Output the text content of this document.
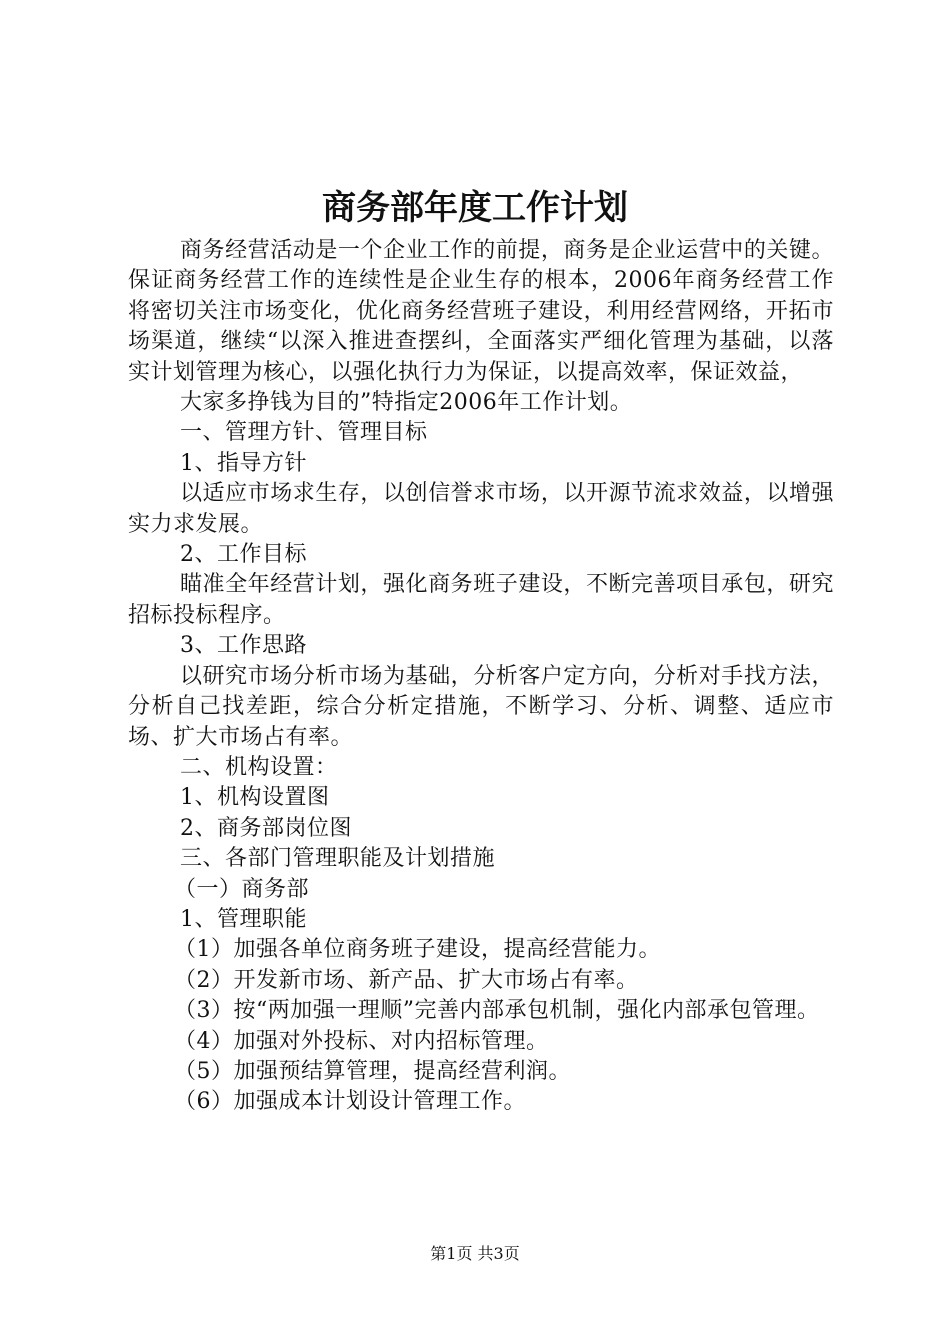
商务部年度工作计划

商务经营活动是一个企业工作的前提，商务是企业运营中的关键。保证商务经营工作的连续性是企业生存的根本，2006年商务经营工作将密切关注市场变化，优化商务经营班子建设，利用经营网络，开拓市场渠道，继续“以深入推进查摆纠，全面落实严细化管理为基础，以落实计划管理为核心，以强化执行力为保证，以提高效率，保证效益，

大家多挣钱为目的”特指定2006年工作计划。

一、管理方针、管理目标

1、指导方针

以适应市场求生存，以创信誉求市场，以开源节流求效益，以增强实力求发展。

2、工作目标

瞄准全年经营计划，强化商务班子建设，不断完善项目承包，研究招标投标程序。

3、工作思路

以研究市场分析市场为基础，分析客户定方向，分析对手找方法，分析自己找差距，综合分析定措施，不断学习、分析、调整、适应市场、扩大市场占有率。

二、机构设置：

1、机构设置图

2、商务部岗位图

三、各部门管理职能及计划措施

（一）商务部

1、管理职能

（1）加强各单位商务班子建设，提高经营能力。

（2）开发新市场、新产品、扩大市场占有率。

（3）按“两加强一理顺”完善内部承包机制，强化内部承包管理。

（4）加强对外投标、对内招标管理。

（5）加强预结算管理，提高经营利润。

（6）加强成本计划设计管理工作。

第1页 共3页
